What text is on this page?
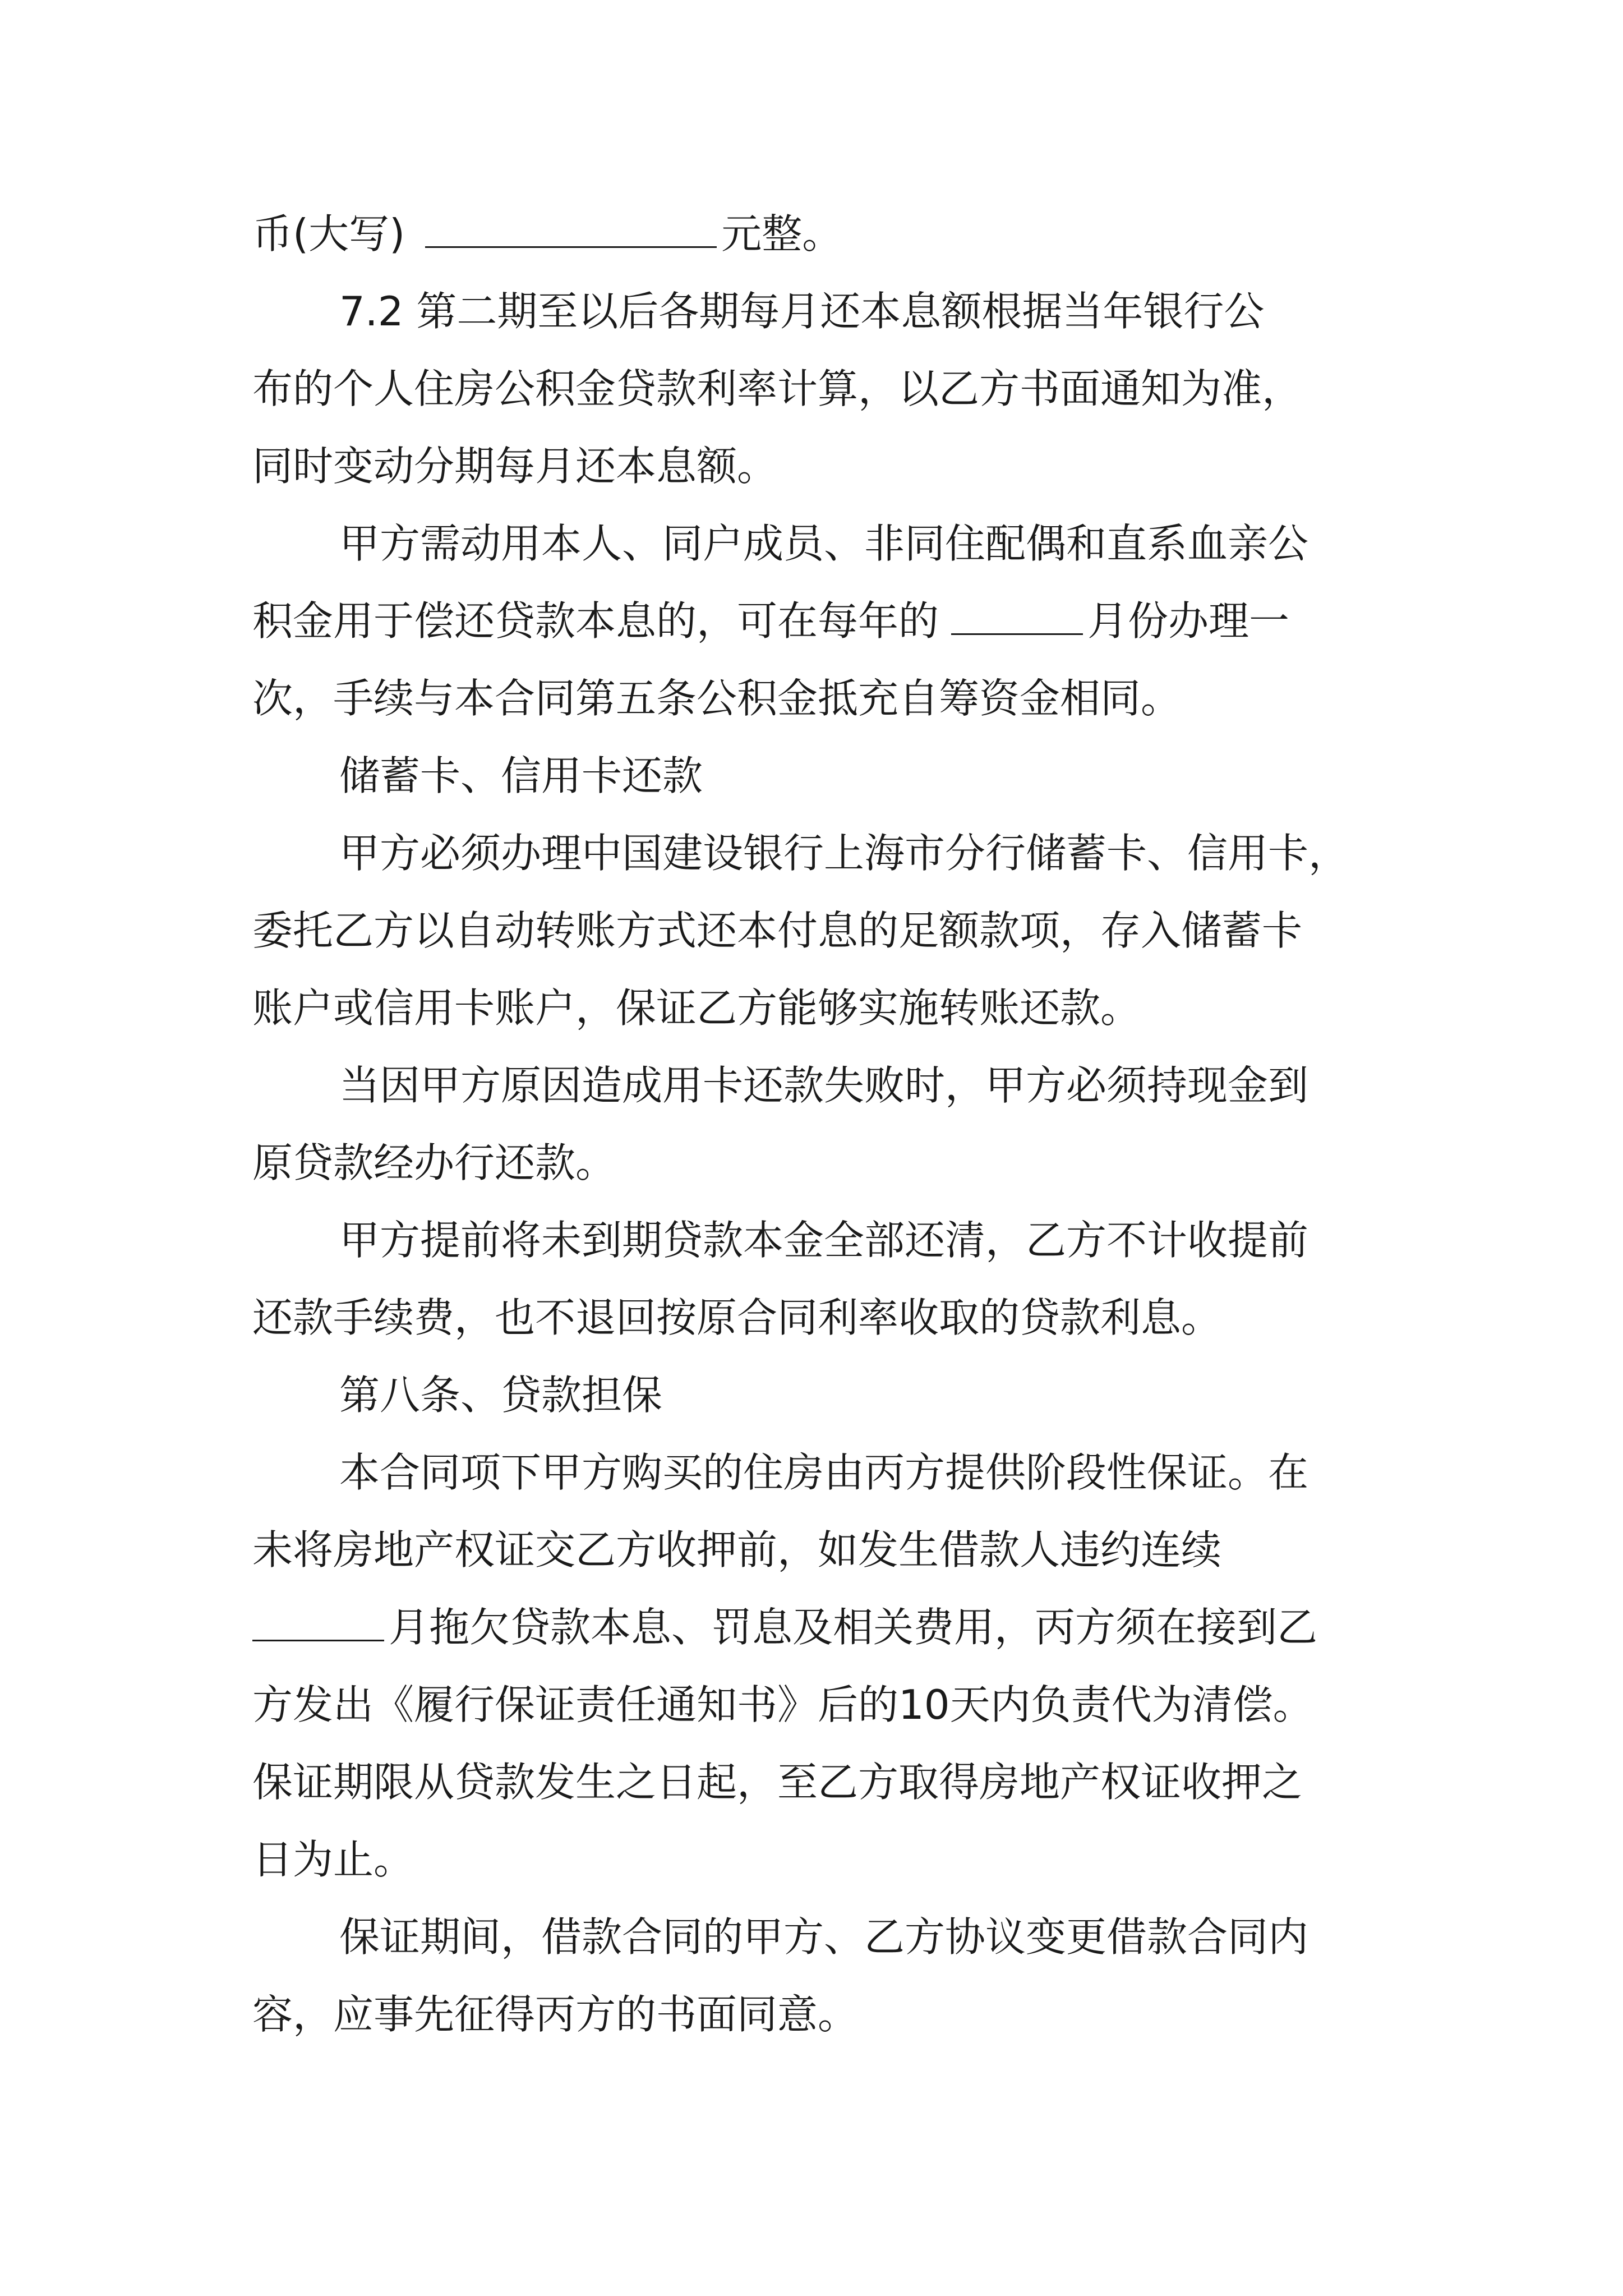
币(大写)	元整。
7.2 第二期至以后各期每月还本息额根据当年银行公
布的个人住房公积金贷款利率计算，以乙方书面通知为准，
同时变动分期每月还本息额。
甲方需动用本人、同户成员、非同住配偶和直系血亲公
积金用于偿还贷款本息的，可在每年的	月份办理一
次，手续与本合同第五条公积金抵充自筹资金相同。
储蓄卡、信用卡还款
甲方必须办理中国建设银行上海市分行储蓄卡、信用卡，
委托乙方以自动转账方式还本付息的足额款项，存入储蓄卡
账户或信用卡账户，保证乙方能够实施转账还款。
当因甲方原因造成用卡还款失败时，甲方必须持现金到
原贷款经办行还款。
甲方提前将未到期贷款本金全部还清，乙方不计收提前
还款手续费，也不退回按原合同利率收取的贷款利息。
第八条、贷款担保
本合同项下甲方购买的住房由丙方提供阶段性保证。在
未将房地产权证交乙方收押前，如发生借款人违约连续
月拖欠贷款本息、罚息及相关费用，丙方须在接到乙
方发出《履行保证责任通知书》后的10天内负责代为清偿。
保证期限从贷款发生之日起，至乙方取得房地产权证收押之
日为止。
保证期间，借款合同的甲方、乙方协议变更借款合同内
容，应事先征得丙方的书面同意。
